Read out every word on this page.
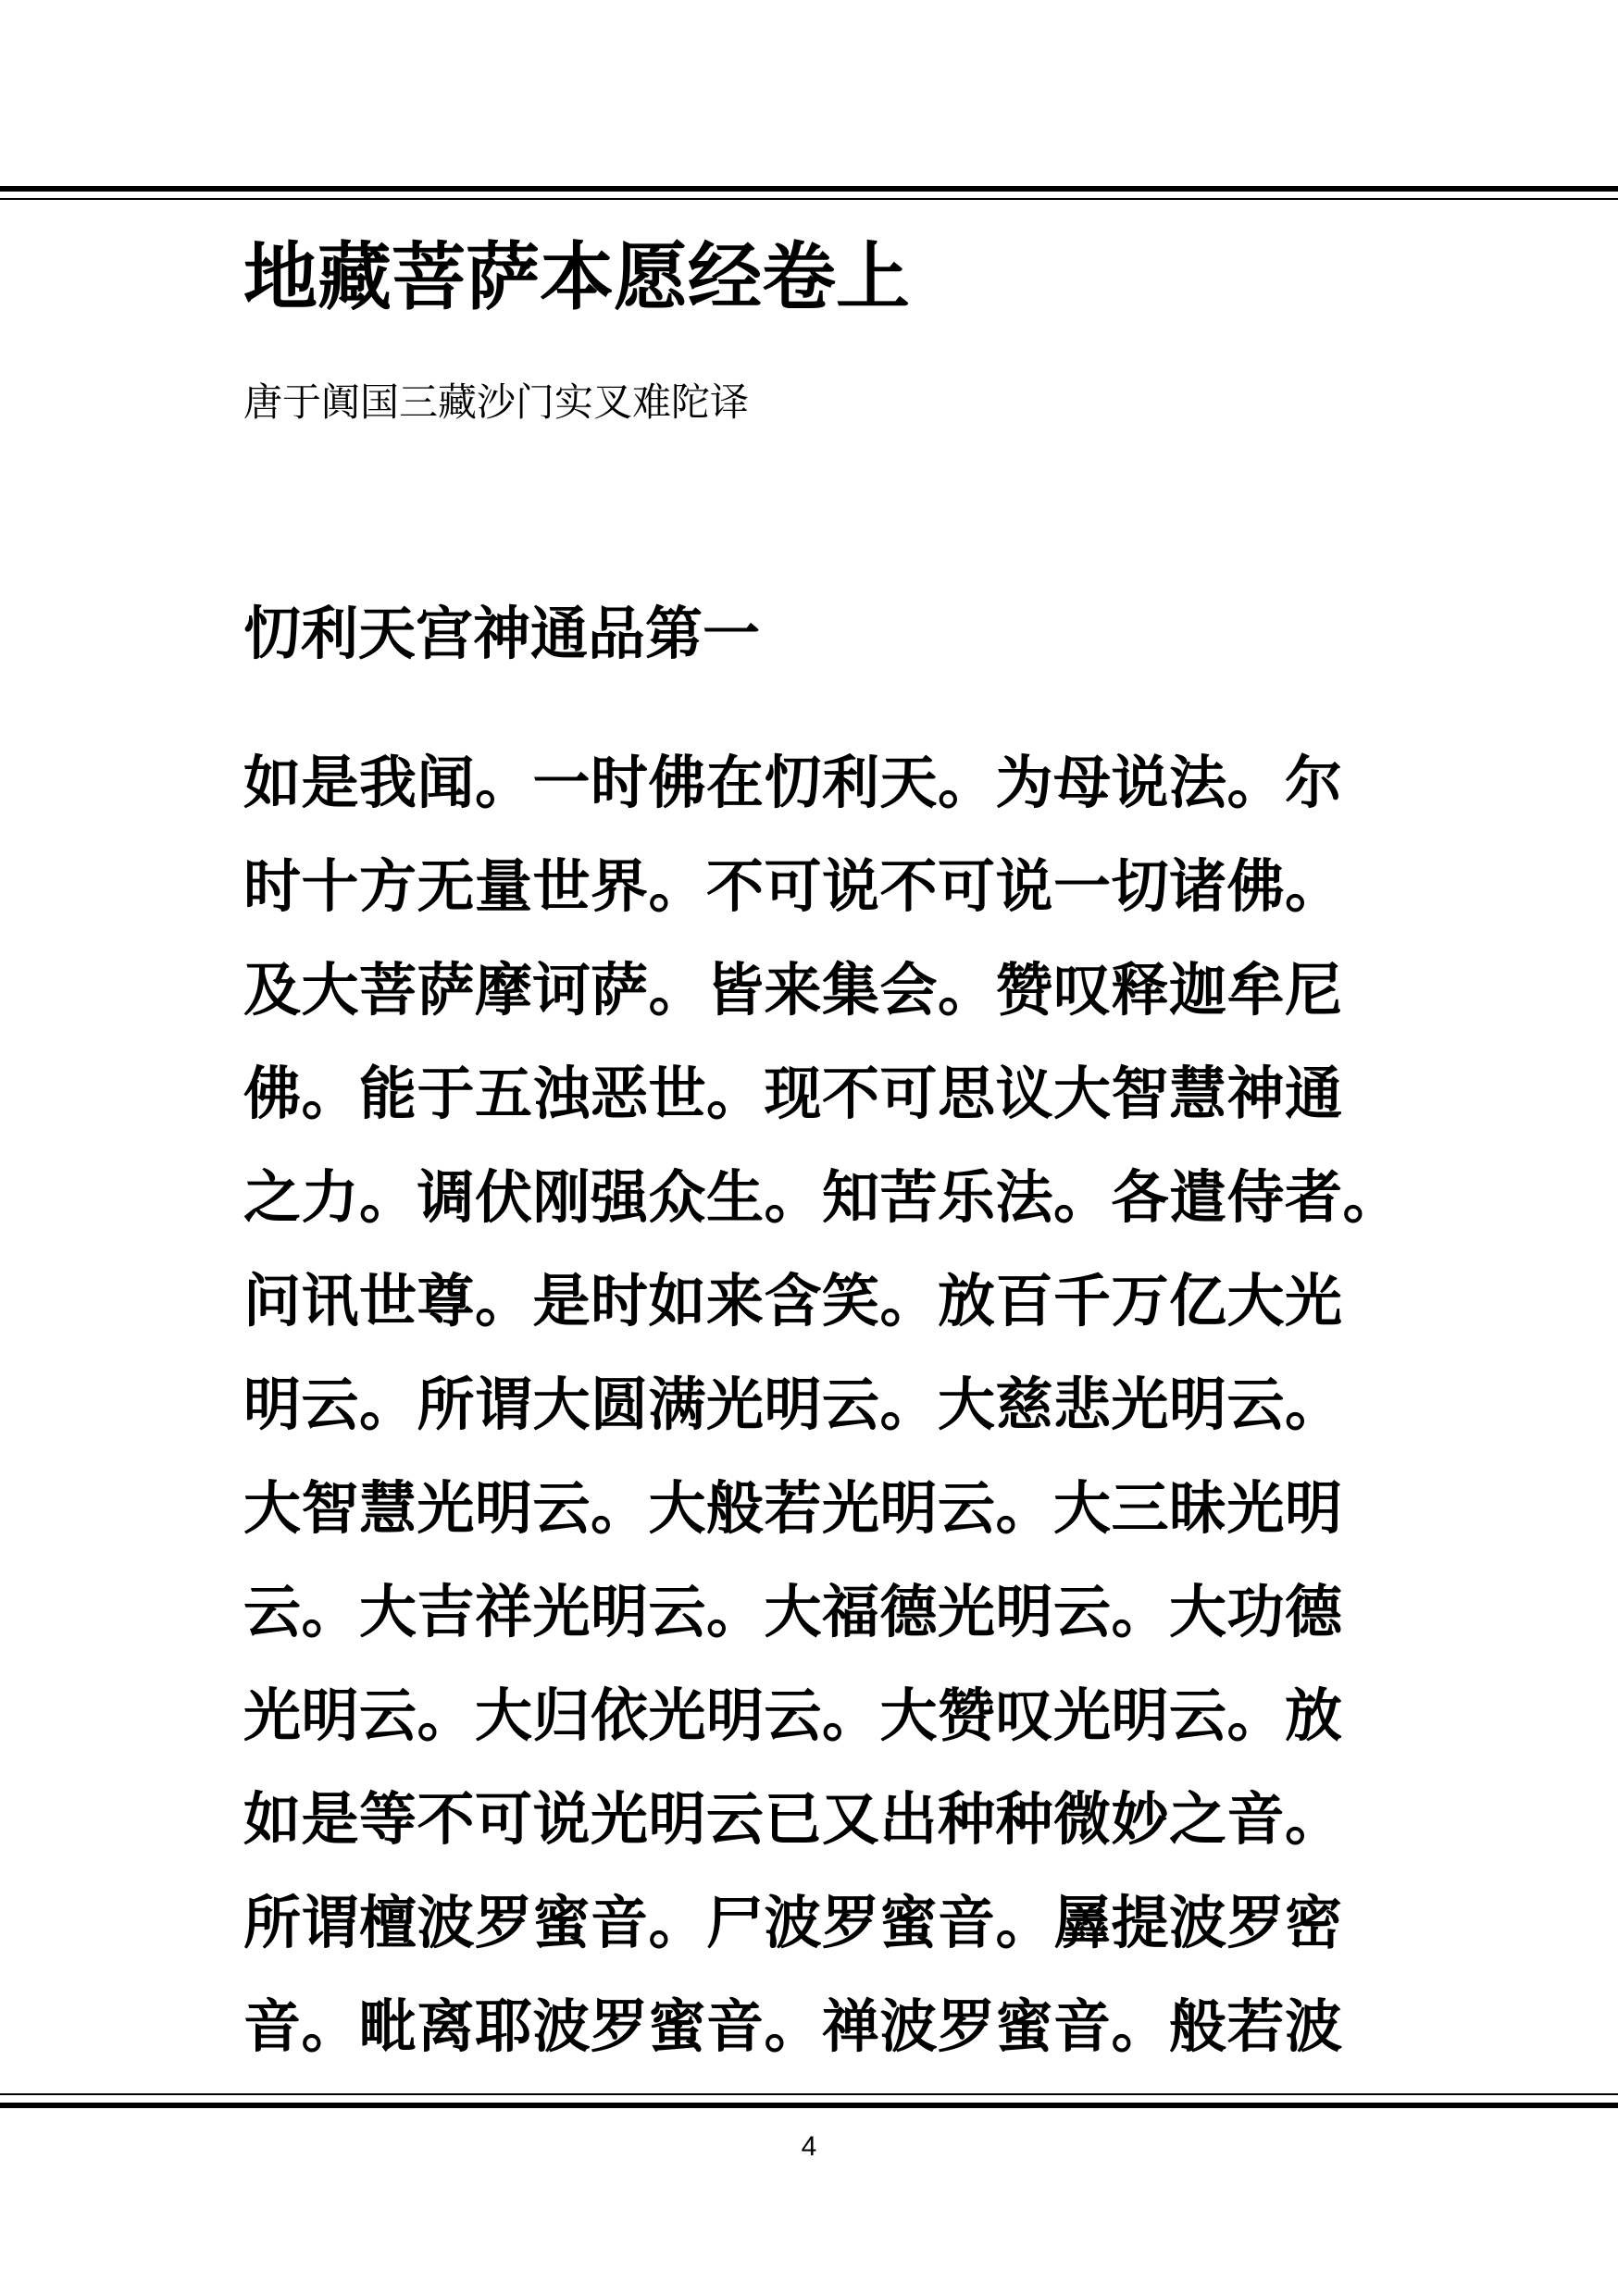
地藏菩萨本愿经卷上
唐于阗国三藏沙门实叉难陀译
忉利天宫神通品第一
如是我闻。一时佛在忉利天。为母说法。尔
时十方无量世界。不可说不可说一切诸佛。
及大菩萨摩诃萨。皆来集会。赞叹释迦牟尼
佛。能于五浊恶世。现不可思议大智慧神通
之力。调伏刚强众生。知苦乐法。各遣侍者。
问讯世尊。是时如来含笑。放百千万亿大光
明云。所谓大圆满光明云。大慈悲光明云。
大智慧光明云。大般若光明云。大三昧光明
云。大吉祥光明云。大福德光明云。大功德
光明云。大归依光明云。大赞叹光明云。放
如是等不可说光明云已又出种种微妙之音。
所谓檀波罗蜜音。尸波罗蜜音。羼提波罗密
音。毗离耶波罗蜜音。禅波罗蜜音。般若波
4
